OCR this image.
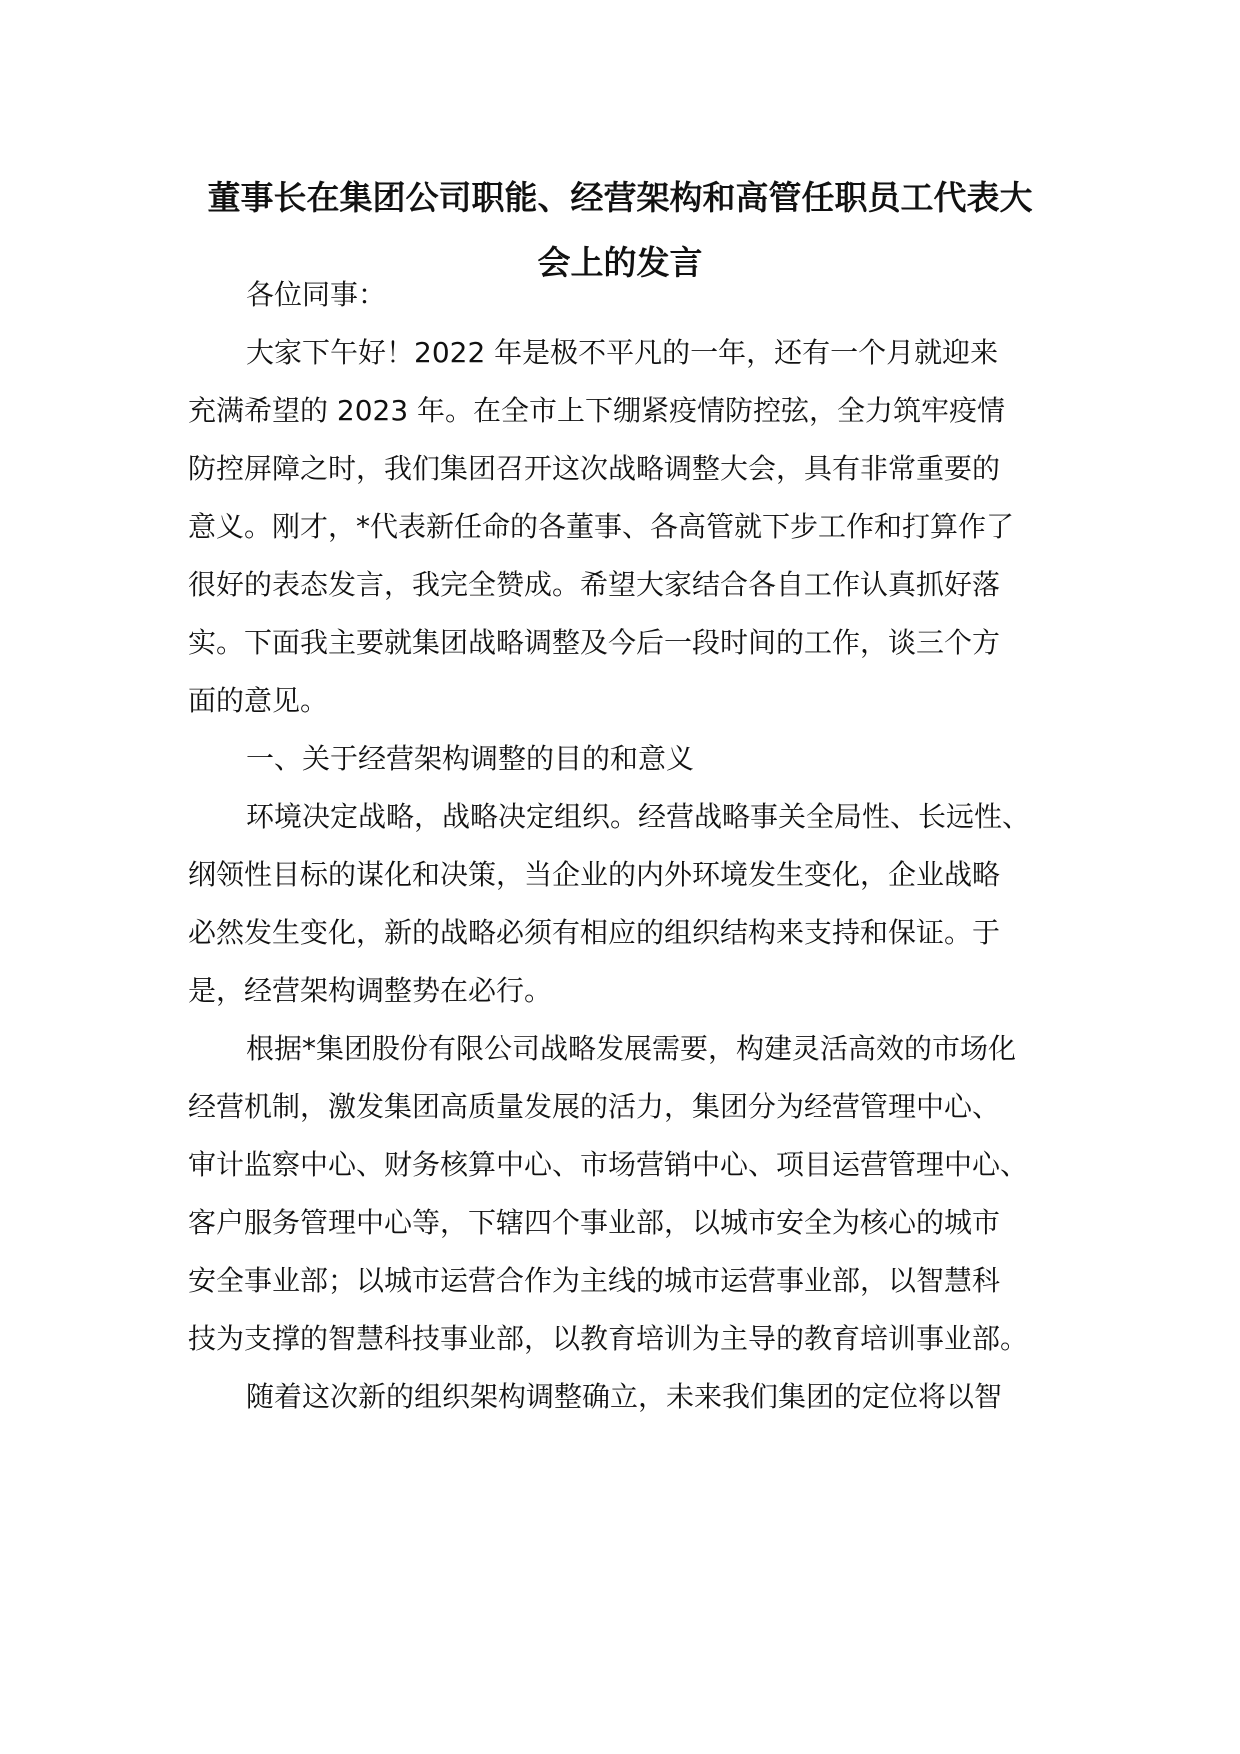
董事长在集团公司职能、经营架构和高管任职员工代表大
会上的发言

各位同事：

大家下午好！2022 年是极不平凡的一年，还有一个月就迎来

充满希望的 2023 年。在全市上下绷紧疫情防控弦，全力筑牢疫情

防控屏障之时，我们集团召开这次战略调整大会，具有非常重要的

意义。刚才，*代表新任命的各董事、各高管就下步工作和打算作了

很好的表态发言，我完全赞成。希望大家结合各自工作认真抓好落

实。下面我主要就集团战略调整及今后一段时间的工作，谈三个方

面的意见。

一、关于经营架构调整的目的和意义

环境决定战略，战略决定组织。经营战略事关全局性、长远性、

纲领性目标的谋化和决策，当企业的内外环境发生变化，企业战略

必然发生变化，新的战略必须有相应的组织结构来支持和保证。于

是，经营架构调整势在必行。

根据*集团股份有限公司战略发展需要，构建灵活高效的市场化

经营机制，激发集团高质量发展的活力，集团分为经营管理中心、

审计监察中心、财务核算中心、市场营销中心、项目运营管理中心、

客户服务管理中心等，下辖四个事业部，以城市安全为核心的城市

安全事业部；以城市运营合作为主线的城市运营事业部，以智慧科

技为支撑的智慧科技事业部，以教育培训为主导的教育培训事业部。

随着这次新的组织架构调整确立，未来我们集团的定位将以智
